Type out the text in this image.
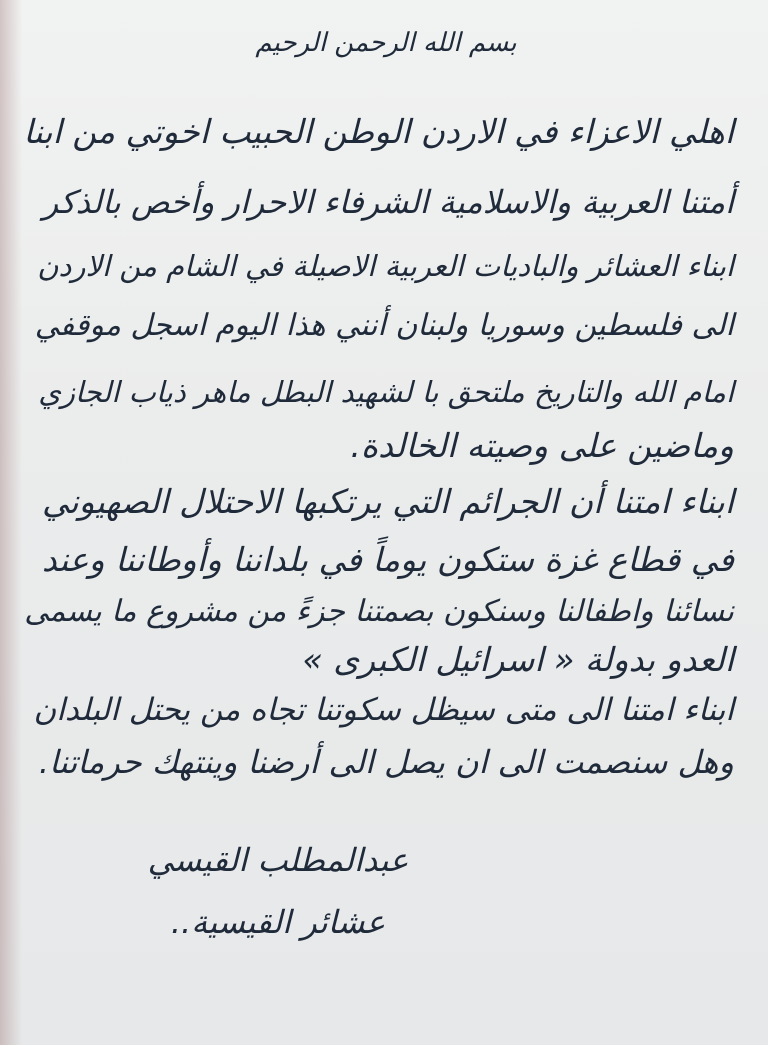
بسم الله الرحمن الرحيم
اهلي الاعزاء في الاردن الوطن الحبيب اخوتي من ابنا
أمتنا العربية والاسلامية الشرفاء الاحرار وأخص بالذكر
ابناء العشائر والباديات العربية الاصيلة في الشام من الاردن
الى فلسطين وسوريا ولبنان أنني هذا اليوم اسجل موقفي
امام الله والتاريخ ملتحق با لشهيد البطل ماهر ذياب الجازي
وماضين على وصيته الخالدة.
ابناء امتنا أن الجرائم التي يرتكبها الاحتلال الصهيوني
في قطاع غزة ستكون يوماً في بلداننا وأوطاننا وعند
نسائنا واطفالنا وسنكون بصمتنا جزءً من مشروع ما يسمى
العدو بدولة « اسرائيل الكبرى »
ابناء امتنا الى متى سيظل سكوتنا تجاه من يحتل البلدان
وهل سنصمت الى ان يصل الى أرضنا وينتهك حرماتنا.
عبدالمطلب القيسي
عشائر القيسية..
